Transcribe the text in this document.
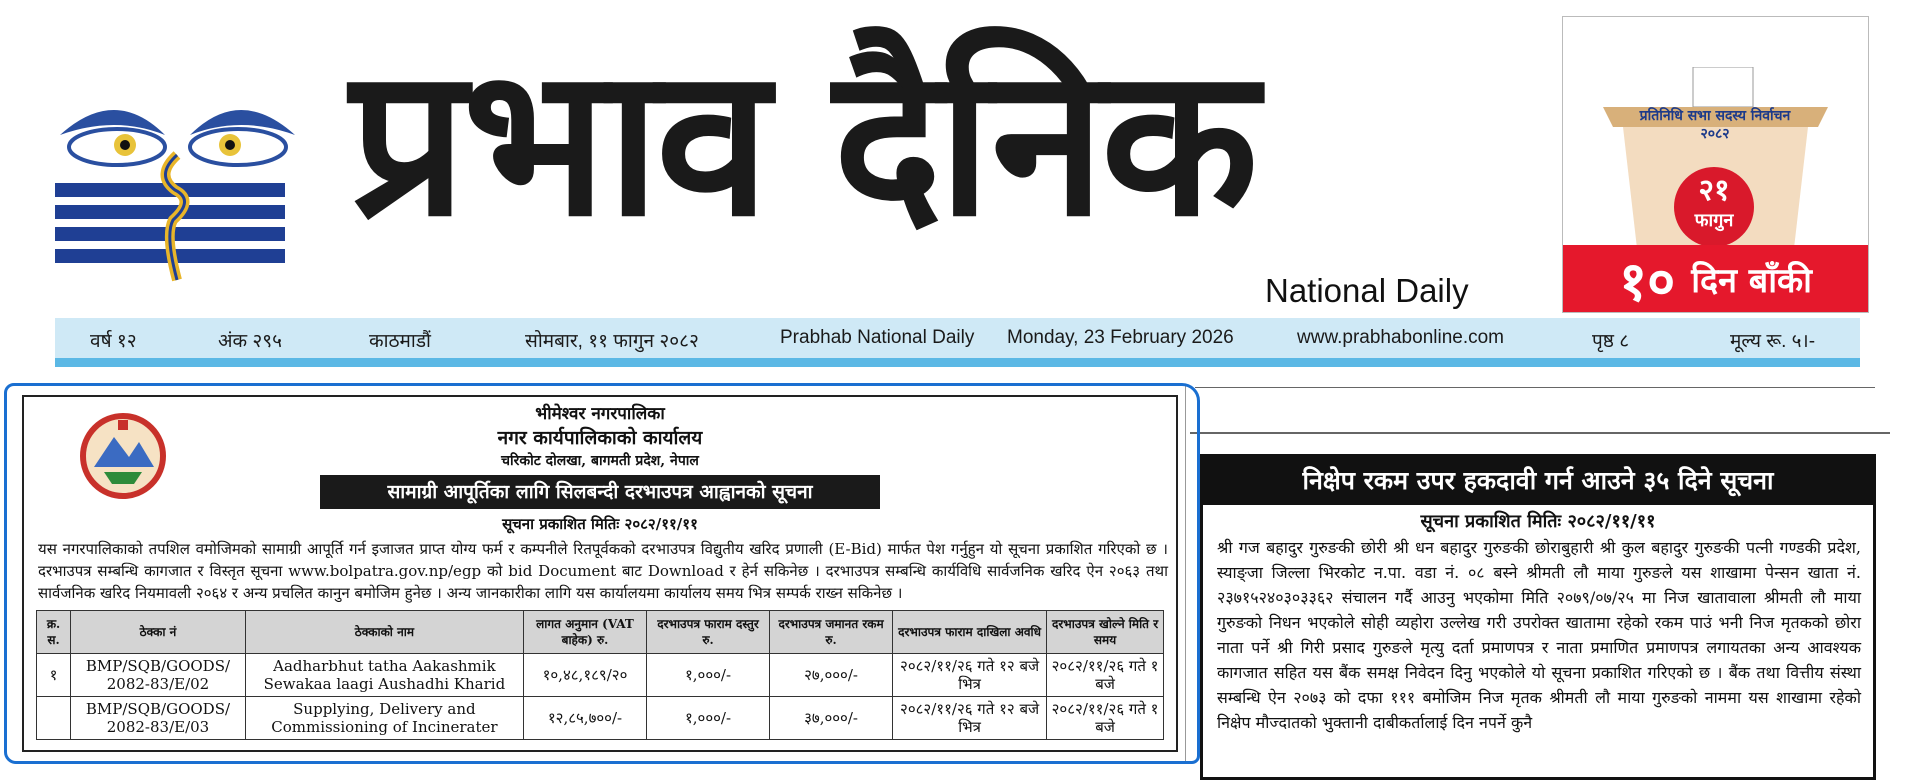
प्रभाव दैनिक
National Daily
प्रतिनिधि सभा सदस्य निर्वाचन २०८२
२१
फागुन
१० दिन बाँकी
वर्ष १२	अंक २९५	काठमाडौं	सोमबार, ११ फागुन २०८२	Prabhab National Daily Monday, 23 February 2026	www.prabhabonline.com	पृष्ठ ८	मूल्य रू. ५।-
भीमेश्वर नगरपालिका
नगर कार्यपालिकाको कार्यालय
चरिकोट दोलखा, बागमती प्रदेश, नेपाल
सामाग्री आपूर्तिका लागि सिलबन्दी दरभाउपत्र आह्वानको सूचना
सूचना प्रकाशित मितिः २०८२/११/११
यस नगरपालिकाको तपशिल वमोजिमको सामाग्री आपूर्ति गर्न इजाजत प्राप्त योग्य फर्म र कम्पनीले रितपूर्वकको दरभाउपत्र विद्युतीय खरिद प्रणाली (E-Bid) मार्फत पेश गर्नुहुन यो सूचना प्रकाशित गरिएको छ । दरभाउपत्र सम्बन्धि कागजात र विस्तृत सूचना www.bolpatra.gov.np/egp को bid Document बाट Download र हेर्न सकिनेछ । दरभाउपत्र सम्बन्धि कार्यविधि सार्वजनिक खरिद ऐन २०६३ तथा सार्वजनिक खरिद नियमावली २०६४ र अन्य प्रचलित कानुन बमोजिम हुनेछ । अन्य जानकारीका लागि यस कार्यालयमा कार्यालय समय भित्र सम्पर्क राख्न सकिनेछ ।
क्र. स.	ठेक्का नं	ठेक्काको नाम	लागत अनुमान (VAT बाहेक) रु.	दरभाउपत्र फाराम दस्तुर रु.	दरभाउपत्र जमानत रकम रु.	दरभाउपत्र फाराम दाखिला अवधि	दरभाउपत्र खोल्ने मिति र समय
१	BMP/SQB/GOODS/ 2082-83/E/02	Aadharbhut tatha Aakashmik Sewakaa laagi Aushadhi Kharid	१०,४८,१८९/२०	१,०००/-	२७,०००/-	२०८२/११/२६ गते १२ बजे भित्र	२०८२/११/२६ गते १ बजे
	BMP/SQB/GOODS/ 2082-83/E/03	Supplying, Delivery and Commissioning of Incinerater	१२,८५,७००/-	१,०००/-	३७,०००/-	२०८२/११/२६ गते १२ बजे भित्र	२०८२/११/२६ गते १ बजे
निक्षेप रकम उपर हकदावी गर्न आउने ३५ दिने सूचना
सूचना प्रकाशित मितिः २०८२/११/११
श्री गज बहादुर गुरुङकी छोरी श्री धन बहादुर गुरुङकी छोराबुहारी श्री कुल बहादुर गुरुङकी पत्नी गण्डकी प्रदेश, स्याङ्जा जिल्ला भिरकोट न.पा. वडा नं. ०८ बस्ने श्रीमती लौ माया गुरुङले यस शाखामा पेन्सन खाता नं. २३७१५२४०३०३३६२ संचालन गर्दै आउनु भएकोमा मिति २०७९/०७/२५ मा निज खातावाला श्रीमती लौ माया गुरुङको निधन भएकोले सोही व्यहोरा उल्लेख गरी उपरोक्त खातामा रहेको रकम पाउं भनी निज मृतकको छोरा नाता पर्ने श्री गिरी प्रसाद गुरुङले मृत्यु दर्ता प्रमाणपत्र र नाता प्रमाणित प्रमाणपत्र लगायतका अन्य आवश्यक कागजात सहित यस बैंक समक्ष निवेदन दिनु भएकोले यो सूचना प्रकाशित गरिएको छ । बैंक तथा वित्तीय संस्था सम्बन्धि ऐन २०७३ को दफा १११ बमोजिम निज मृतक श्रीमती लौ माया गुरुङको नाममा यस शाखामा रहेको निक्षेप मौज्दातको भुक्तानी दाबीकर्तालाई दिन नपर्ने कुनै
